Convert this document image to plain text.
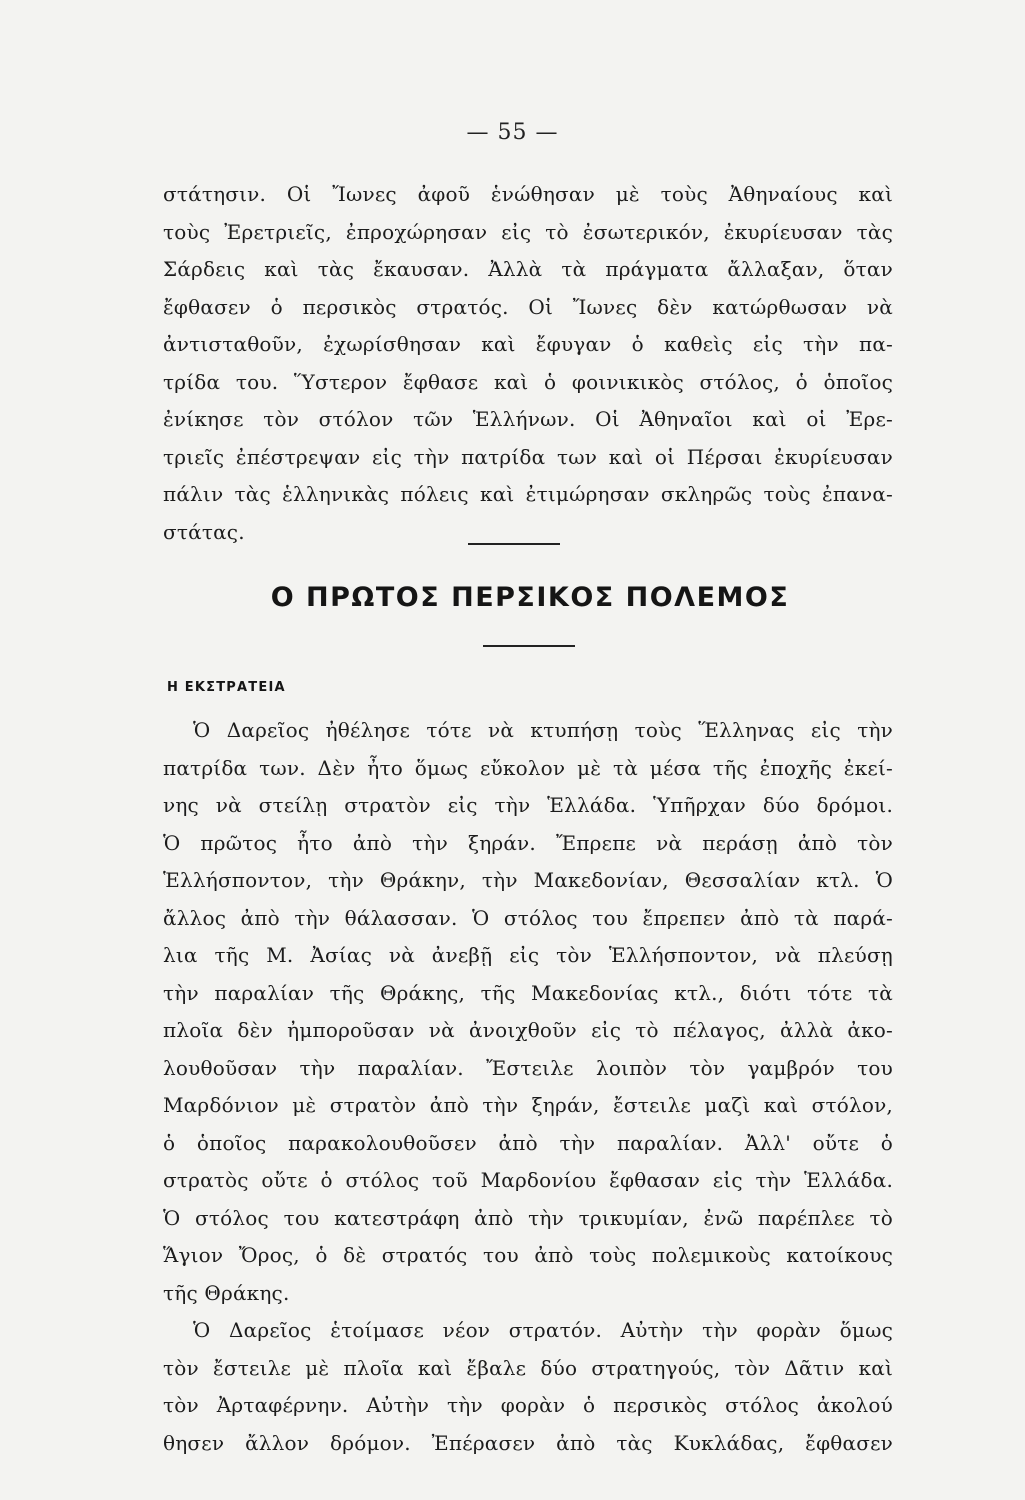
— 55 —
στάτησιν. Οἱ Ἴωνες ἀφοῦ ἑνώθησαν μὲ τοὺς Ἀθηναίους καὶ
τοὺς Ἐρετριεῖς, ἐπροχώρησαν εἰς τὸ ἐσωτερικόν, ἐκυρίευσαν τὰς
Σάρδεις καὶ τὰς ἔκαυσαν. Ἀλλὰ τὰ πράγματα ἄλλαξαν, ὅταν
ἔφθασεν ὁ περσικὸς στρατός. Οἱ Ἴωνες δὲν κατώρθωσαν νὰ
ἀντισταθοῦν, ἐχωρίσθησαν καὶ ἔφυγαν ὁ καθεὶς εἰς τὴν πα-
τρίδα του. Ὕστερον ἔφθασε καὶ ὁ φοινικικὸς στόλος, ὁ ὁποῖος
ἐνίκησε τὸν στόλον τῶν Ἑλλήνων. Οἱ Ἀθηναῖοι καὶ οἱ Ἐρε-
τριεῖς ἐπέστρεψαν εἰς τὴν πατρίδα των καὶ οἱ Πέρσαι ἐκυρίευσαν
πάλιν τὰς ἑλληνικὰς πόλεις καὶ ἐτιμώρησαν σκληρῶς τοὺς ἐπανα-
στάτας.
Ο ΠΡΩΤΟΣ ΠΕΡΣΙΚΟΣ ΠΟΛΕΜΟΣ
Η ΕΚΣΤΡΑΤΕΙΑ
Ὁ Δαρεῖος ἠθέλησε τότε νὰ κτυπήσῃ τοὺς Ἕλληνας εἰς τὴν
πατρίδα των. Δὲν ἦτο ὅμως εὔκολον μὲ τὰ μέσα τῆς ἐποχῆς ἐκεί-
νης νὰ στείλῃ στρατὸν εἰς τὴν Ἑλλάδα. Ὑπῆρχαν δύο δρόμοι.
Ὁ πρῶτος ἦτο ἀπὸ τὴν ξηράν. Ἔπρεπε νὰ περάσῃ ἀπὸ τὸν
Ἑλλήσποντον, τὴν Θράκην, τὴν Μακεδονίαν, Θεσσαλίαν κτλ. Ὁ
ἄλλος ἀπὸ τὴν θάλασσαν. Ὁ στόλος του ἔπρεπεν ἀπὸ τὰ παρά-
λια τῆς Μ. Ἀσίας νὰ ἀνεβῇ εἰς τὸν Ἑλλήσποντον, νὰ πλεύσῃ
τὴν παραλίαν τῆς Θράκης, τῆς Μακεδονίας κτλ., διότι τότε τὰ
πλοῖα δὲν ἠμποροῦσαν νὰ ἀνοιχθοῦν εἰς τὸ πέλαγος, ἀλλὰ ἀκο-
λουθοῦσαν τὴν παραλίαν. Ἔστειλε λοιπὸν τὸν γαμβρόν του
Μαρδόνιον μὲ στρατὸν ἀπὸ τὴν ξηράν, ἔστειλε μαζὶ καὶ στόλον,
ὁ ὁποῖος παρακολουθοῦσεν ἀπὸ τὴν παραλίαν. Ἀλλ' οὔτε ὁ
στρατὸς οὔτε ὁ στόλος τοῦ Μαρδονίου ἔφθασαν εἰς τὴν Ἑλλάδα.
Ὁ στόλος του κατεστράφη ἀπὸ τὴν τρικυμίαν, ἐνῶ παρέπλεε τὸ
Ἅγιον Ὄρος, ὁ δὲ στρατός του ἀπὸ τοὺς πολεμικοὺς κατοίκους
τῆς Θράκης.
Ὁ Δαρεῖος ἑτοίμασε νέον στρατόν. Αὐτὴν τὴν φορὰν ὅμως
τὸν ἔστειλε μὲ πλοῖα καὶ ἔβαλε δύο στρατηγούς, τὸν Δᾶτιν καὶ
τὸν Ἀρταφέρνην. Αὐτὴν τὴν φορὰν ὁ περσικὸς στόλος ἀκολού
θησεν ἄλλον δρόμον. Ἐπέρασεν ἀπὸ τὰς Κυκλάδας, ἔφθασεν
